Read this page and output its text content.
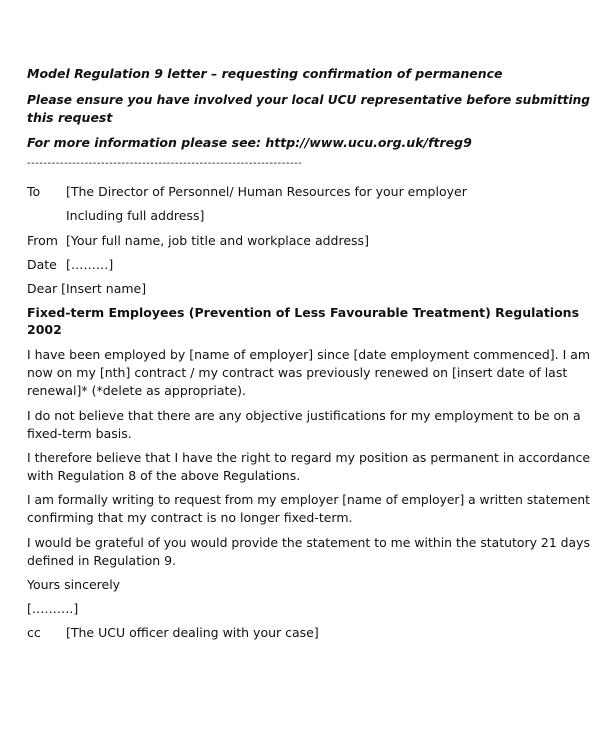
Model Regulation 9 letter – requesting confirmation of permanence
Please ensure you have involved your local UCU representative before submitting
this request
For more information please see: http://www.ucu.org.uk/ftreg9
-------------------------------------------------------------------
To [The Director of Personnel/ Human Resources for your employer
Including full address]
From [Your full name, job title and workplace address]
Date [………]
Dear [Insert name]
Fixed-term Employees (Prevention of Less Favourable Treatment) Regulations
2002
I have been employed by [name of employer] since [date employment commenced]. I am
now on my [nth] contract / my contract was previously renewed on [insert date of last
renewal]* (*delete as appropriate).
I do not believe that there are any objective justifications for my employment to be on a
fixed-term basis.
I therefore believe that I have the right to regard my position as permanent in accordance
with Regulation 8 of the above Regulations.
I am formally writing to request from my employer [name of employer] a written statement
confirming that my contract is no longer fixed-term.
I would be grateful of you would provide the statement to me within the statutory 21 days
defined in Regulation 9.
Yours sincerely
[……….]
cc [The UCU officer dealing with your case]
